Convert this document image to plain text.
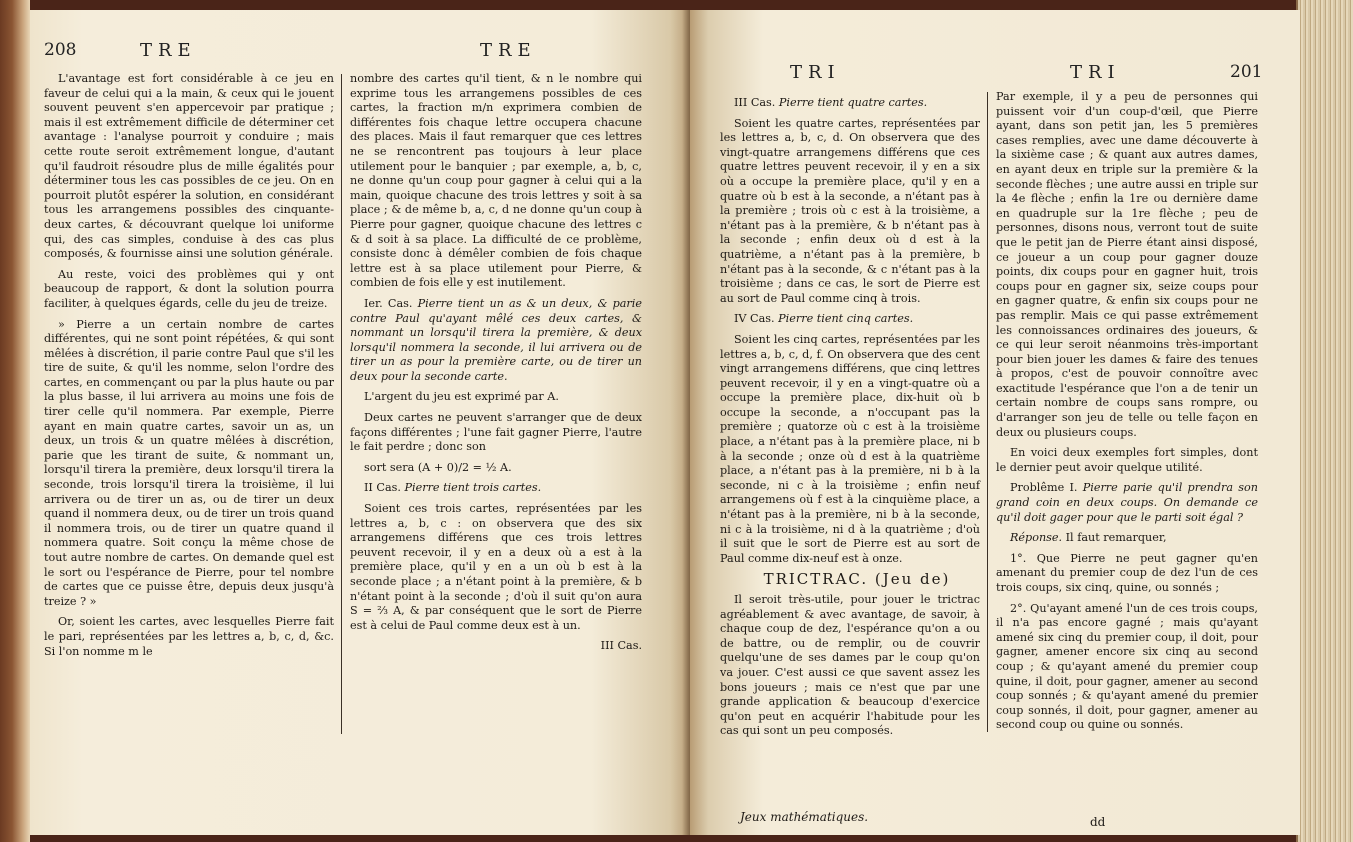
208	TRE	TRE

L'avantage est fort considérable à ce jeu en faveur de celui qui a la main, & ceux qui le jouent souvent peuvent s'en appercevoir par pratique ; mais il est extrêmement difficile de déterminer cet avantage : l'analyse pourroit y conduire ; mais cette route seroit extrêmement longue, d'autant qu'il faudroit résoudre plus de mille égalités pour déterminer tous les cas possibles de ce jeu. On en pourroit plutôt espérer la solution, en considérant tous les arrangemens possibles des cinquante-deux cartes, & découvrant quelque loi uniforme qui, des cas simples, conduise à des cas plus composés, & fournisse ainsi une solution générale.

Au reste, voici des problèmes qui y ont beaucoup de rapport, & dont la solution pourra faciliter, à quelques égards, celle du jeu de treize.

» Pierre a un certain nombre de cartes différentes, qui ne sont point répétées, & qui sont mêlées à discrétion, il parie contre Paul que s'il les tire de suite, & qu'il les nomme, selon l'ordre des cartes, en commençant ou par la plus haute ou par la plus basse, il lui arrivera au moins une fois de tirer celle qu'il nommera. Par exemple, Pierre ayant en main quatre cartes, savoir un as, un deux, un trois & un quatre mêlées à discrétion, parie que les tirant de suite, & nommant un, lorsqu'il tirera la première, deux lorsqu'il tirera la seconde, trois lorsqu'il tirera la troisième, il lui arrivera ou de tirer un as, ou de tirer un deux quand il nommera deux, ou de tirer un trois quand il nommera trois, ou de tirer un quatre quand il nommera quatre. Soit conçu la même chose de tout autre nombre de cartes. On demande quel est le sort ou l'espérance de Pierre, pour tel nombre de cartes que ce puisse être, depuis deux jusqu'à treize ? »

Or, soient les cartes, avec lesquelles Pierre fait le pari, représentées par les lettres a, b, c, d, &c. Si l'on nomme m le

nombre des cartes qu'il tient, & n le nombre qui exprime tous les arrangemens possibles de ces cartes, la fraction m/n exprimera combien de différentes fois chaque lettre occupera chacune des places. Mais il faut remarquer que ces lettres ne se rencontrent pas toujours à leur place utilement pour le banquier ; par exemple, a, b, c, ne donne qu'un coup pour gagner à celui qui a la main, quoique chacune des trois lettres y soit à sa place ; & de même b, a, c, d ne donne qu'un coup à Pierre pour gagner, quoique chacune des lettres c & d soit à sa place. La difficulté de ce problème, consiste donc à démêler combien de fois chaque lettre est à sa place utilement pour Pierre, & combien de fois elle y est inutilement.

Ier. Cas. Pierre tient un as & un deux, & parie contre Paul qu'ayant mêlé ces deux cartes, & nommant un lorsqu'il tirera la première, & deux lorsqu'il nommera la seconde, il lui arrivera ou de tirer un as pour la première carte, ou de tirer un deux pour la seconde carte.

L'argent du jeu est exprimé par A.

Deux cartes ne peuvent s'arranger que de deux façons différentes ; l'une fait gagner Pierre, l'autre le fait perdre ; donc son

sort sera (A + 0)/2 = ½ A.

II Cas. Pierre tient trois cartes.

Soient ces trois cartes, représentées par les lettres a, b, c : on observera que des six arrangemens différens que ces trois lettres peuvent recevoir, il y en a deux où a est à la première place, qu'il y en a un où b est à la seconde place ; a n'étant point à la première, & b n'étant point à la seconde ; d'où il suit qu'on aura S = ⅔ A, & par conséquent que le sort de Pierre est à celui de Paul comme deux est à un.

III Cas.

TRI	TRI	201

III Cas. Pierre tient quatre cartes.

Soient les quatre cartes, représentées par les lettres a, b, c, d. On observera que des vingt-quatre arrangemens différens que ces quatre lettres peuvent recevoir, il y en a six où a occupe la première place, qu'il y en a quatre où b est à la seconde, a n'étant pas à la première ; trois où c est à la troisième, a n'étant pas à la première, & b n'étant pas à la seconde ; enfin deux où d est à la quatrième, a n'étant pas à la première, b n'étant pas à la seconde, & c n'étant pas à la troisième ; dans ce cas, le sort de Pierre est au sort de Paul comme cinq à trois.

IV Cas. Pierre tient cinq cartes.

Soient les cinq cartes, représentées par les lettres a, b, c, d, f. On observera que des cent vingt arrangemens différens, que cinq lettres peuvent recevoir, il y en a vingt-quatre où a occupe la première place, dix-huit où b occupe la seconde, a n'occupant pas la première ; quatorze où c est à la troisième place, a n'étant pas à la première place, ni b à la seconde ; onze où d est à la quatrième place, a n'étant pas à la première, ni b à la seconde, ni c à la troisième ; enfin neuf arrangemens où f est à la cinquième place, a n'étant pas à la première, ni b à la seconde, ni c à la troisième, ni d à la quatrième ; d'où il suit que le sort de Pierre est au sort de Paul comme dix-neuf est à onze.

TRICTRAC. (Jeu de)

Il seroit très-utile, pour jouer le trictrac agréablement & avec avantage, de savoir, à chaque coup de dez, l'espérance qu'on a ou de battre, ou de remplir, ou de couvrir quelqu'une de ses dames par le coup qu'on va jouer. C'est aussi ce que savent assez les bons joueurs ; mais ce n'est que par une grande application & beaucoup d'exercice qu'on peut en acquérir l'habitude pour les cas qui sont un peu composés.

Jeux mathématiques.

Par exemple, il y a peu de personnes qui puissent voir d'un coup-d'œil, que Pierre ayant, dans son petit jan, les 5 premières cases remplies, avec une dame découverte à la sixième case ; & quant aux autres dames, en ayant deux en triple sur la première & la seconde flèches ; une autre aussi en triple sur la 4e flèche ; enfin la 1re ou dernière dame en quadruple sur la 1re flèche ; peu de personnes, disons nous, verront tout de suite que le petit jan de Pierre étant ainsi disposé, ce joueur a un coup pour gagner douze points, dix coups pour en gagner huit, trois coups pour en gagner six, seize coups pour en gagner quatre, & enfin six coups pour ne pas remplir. Mais ce qui passe extrêmement les connoissances ordinaires des joueurs, & ce qui leur seroit néanmoins très-important pour bien jouer les dames & faire des tenues à propos, c'est de pouvoir connoître avec exactitude l'espérance que l'on a de tenir un certain nombre de coups sans rompre, ou d'arranger son jeu de telle ou telle façon en deux ou plusieurs coups.

En voici deux exemples fort simples, dont le dernier peut avoir quelque utilité.

Problême I. Pierre parie qu'il prendra son grand coin en deux coups. On demande ce qu'il doit gager pour que le parti soit égal ?

Réponse. Il faut remarquer,

1°. Que Pierre ne peut gagner qu'en amenant du premier coup de dez l'un de ces trois coups, six cinq, quine, ou sonnés ;

2°. Qu'ayant amené l'un de ces trois coups, il n'a pas encore gagné ; mais qu'ayant amené six cinq du premier coup, il doit, pour gagner, amener encore six cinq au second coup ; & qu'ayant amené du premier coup quine, il doit, pour gagner, amener au second coup sonnés ; & qu'ayant amené du premier coup sonnés, il doit, pour gagner, amener au second coup ou quine ou sonnés.

dd
